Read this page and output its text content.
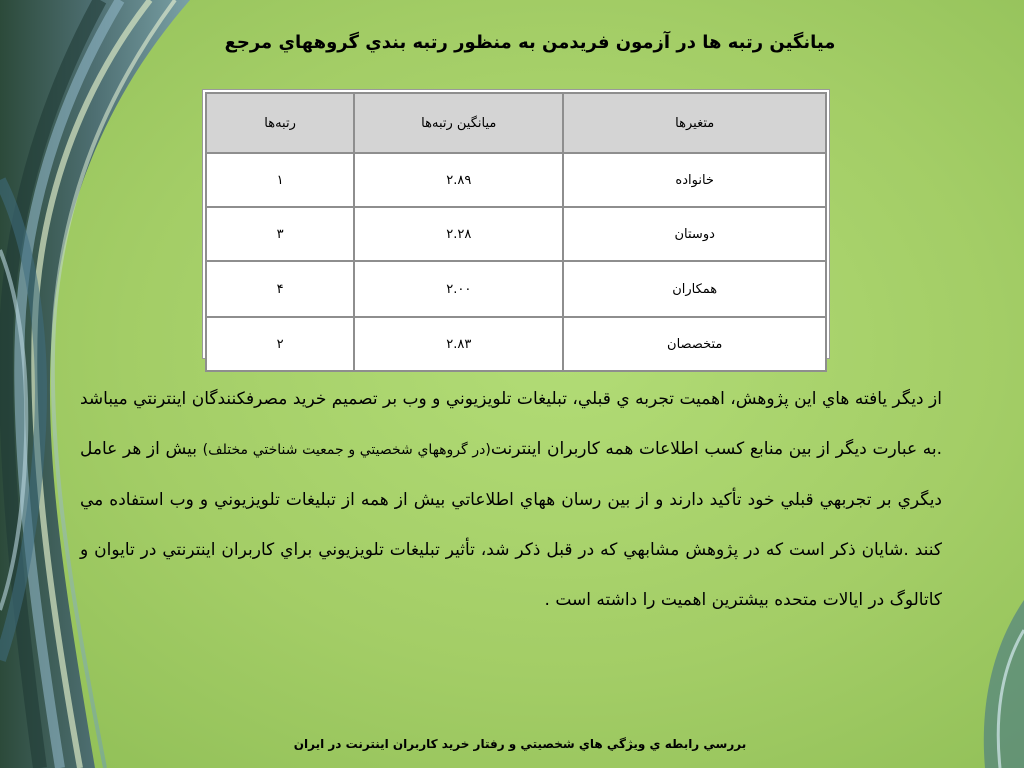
ميانگين رتبه ها در آزمون فريدمن به منظور رتبه بندي گروههاي مرجع
متغيرها	ميانگين رتبه‌ها	رتبه‌ها
خانواده	۲.۸۹	۱
دوستان	۲.۲۸	۳
همكاران	۲.۰۰	۴
متخصصان	۲.۸۳	۲
از ديگر يافته هاي اين پژوهش، اهميت تجربه ي قبلي، تبليغات تلويزيوني و وب بر تصميم خريد مصرفكنندگان اينترنتي ميباشد .به عبارت ديگر از بين منابع كسب اطلاعات همه كاربران اينترنت(در گروههاي شخصيتي و جمعيت شناختي مختلف) بيش از هر عامل ديگري بر تجربهي قبلي خود تأكيد دارند و از بين رسان ههاي اطلاعاتي بيش از همه از تبليغات تلويزيوني و وب استفاده مي كنند .شايان ذكر است كه در پژوهش مشابهي كه در قبل ذكر شد، تأثير تبليغات تلويزيوني براي كاربران اينترنتي در تايوان و كاتالوگ در ايالات متحده بيشترين اهميت را داشته است .
بررسي رابطه ي ويژگي هاي شخصيتي و رفتار خريد كاربران اينترنت در ايران
